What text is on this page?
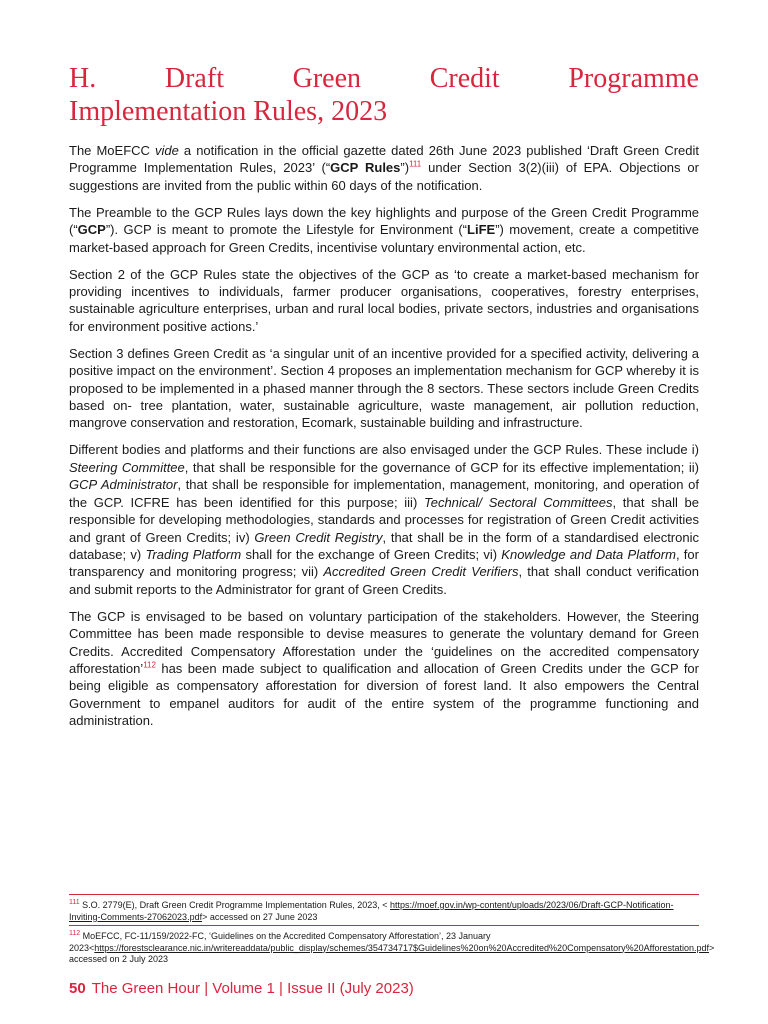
H. Draft Green Credit Programme
Implementation Rules, 2023

The MoEFCC vide a notification in the official gazette dated 26th June 2023 published ‘Draft Green Credit Programme Implementation Rules, 2023’ (“GCP Rules”)$^{111}$ under Section 3(2)(iii) of EPA. Objections or suggestions are invited from the public within 60 days of the notification.

The Preamble to the GCP Rules lays down the key highlights and purpose of the Green Credit Programme (“GCP”). GCP is meant to promote the Lifestyle for Environment (“LiFE”) movement, create a competitive market-based approach for Green Credits, incentivise voluntary environmental action, etc.

Section 2 of the GCP Rules state the objectives of the GCP as ‘to create a market-based mechanism for providing incentives to individuals, farmer producer organisations, cooperatives, forestry enterprises, sustainable agriculture enterprises, urban and rural local bodies, private sectors, industries and organisations for environment positive actions.’

Section 3 defines Green Credit as ‘a singular unit of an incentive provided for a specified activity, delivering a positive impact on the environment’. Section 4 proposes an implementation mechanism for GCP whereby it is proposed to be implemented in a phased manner through the 8 sectors. These sectors include Green Credits based on- tree plantation, water, sustainable agriculture, waste management, air pollution reduction, mangrove conservation and restoration, Ecomark, sustainable building and infrastructure.

Different bodies and platforms and their functions are also envisaged under the GCP Rules. These include i) Steering Committee, that shall be responsible for the governance of GCP for its effective implementation; ii) GCP Administrator, that shall be responsible for implementation, management, monitoring, and operation of the GCP. ICFRE has been identified for this purpose; iii) Technical/ Sectoral Committees, that shall be responsible for developing methodologies, standards and processes for registration of Green Credit activities and grant of Green Credits; iv) Green Credit Registry, that shall be in the form of a standardised electronic database; v) Trading Platform shall for the exchange of Green Credits; vi) Knowledge and Data Platform, for transparency and monitoring progress; vii) Accredited Green Credit Verifiers, that shall conduct verification and submit reports to the Administrator for grant of Green Credits.

The GCP is envisaged to be based on voluntary participation of the stakeholders. However, the Steering Committee has been made responsible to devise measures to generate the voluntary demand for Green Credits. Accredited Compensatory Afforestation under the ‘guidelines on the accredited compensatory afforestation’$^{112}$ has been made subject to qualification and allocation of Green Credits under the GCP for being eligible as compensatory afforestation for diversion of forest land. It also empowers the Central Government to empanel auditors for audit of the entire system of the programme functioning and administration.

$^{111}$ S.O. 2779(E), Draft Green Credit Programme Implementation Rules, 2023, < https://moef.gov.in/wp-content/uploads/2023/06/Draft-GCP-Notification-Inviting-Comments-27062023.pdf> accessed on 27 June 2023
$^{112}$ MoEFCC, FC-11/159/2022-FC, ‘Guidelines on the Accredited Compensatory Afforestation’, 23 January 2023<https://forestsclearance.nic.in/writereaddata/public_display/schemes/354734717$Guidelines%20on%20Accredited%20Compensatory%20Afforestation.pdf> accessed on 2 July 2023
50 The Green Hour | Volume 1 | Issue II (July 2023)
